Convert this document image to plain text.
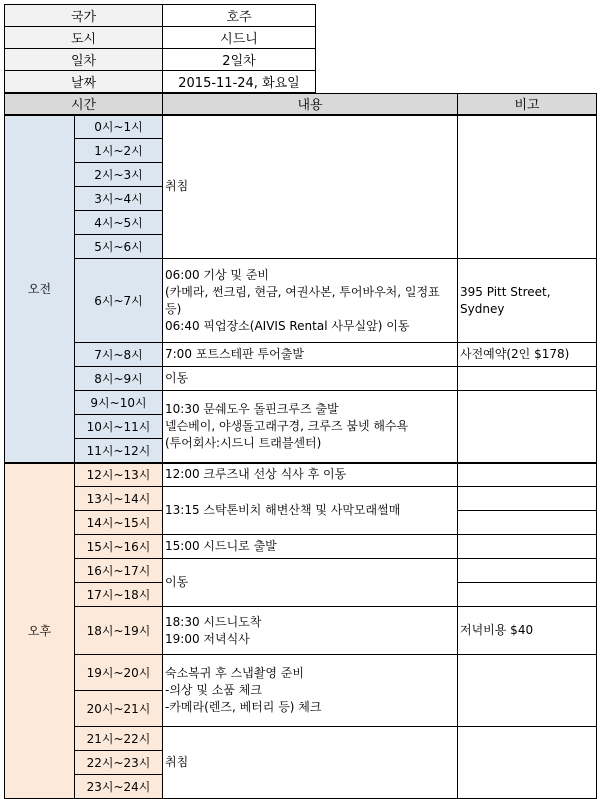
국가	호주
도시	시드니
일차	2일차
날짜	2015-11-24, 화요일
시간		내용	비고
오전	0시~1시	취침	

	1시~2시		
	2시~3시		
	3시~4시		
	4시~5시		
	5시~6시		
	6시~7시	06:00 기상 및 준비
(카메라, 썬크림, 현금, 여권사본, 투어바우처, 일정표등)
06:40 픽업장소(AIVIS Rental 사무실앞) 이동	395 Pitt Street, Sydney

	7시~8시	7:00 포트스테판 투어출발	사전예약(2인 $178)

	8시~9시	이동	

	9시~10시	10:30 문쉐도우 돌핀크루즈 출발
넬슨베이, 야생돌고래구경, 크루즈 붐넷 해수욕
(투어회사:시드니 트래블센터)	

	10시~11시		
	11시~12시		
오후	12시~13시	12:00 크루즈내 선상 식사 후 이동	

	13시~14시	13:15 스탁톤비치 해변산책 및 사막모래썰매	

	14시~15시		
	15시~16시	15:00 시드니로 출발	

	16시~17시	이동	

	17시~18시		
	18시~19시	18:30 시드니도착
19:00 저녁식사	저녁비용 $40

	19시~20시	숙소복귀 후 스냅촬영 준비
-의상 및 소품 체크
-카메라(렌즈, 베터리 등) 체크	

	20시~21시		
	21시~22시	취침	

	22시~23시		
	23시~24시		
